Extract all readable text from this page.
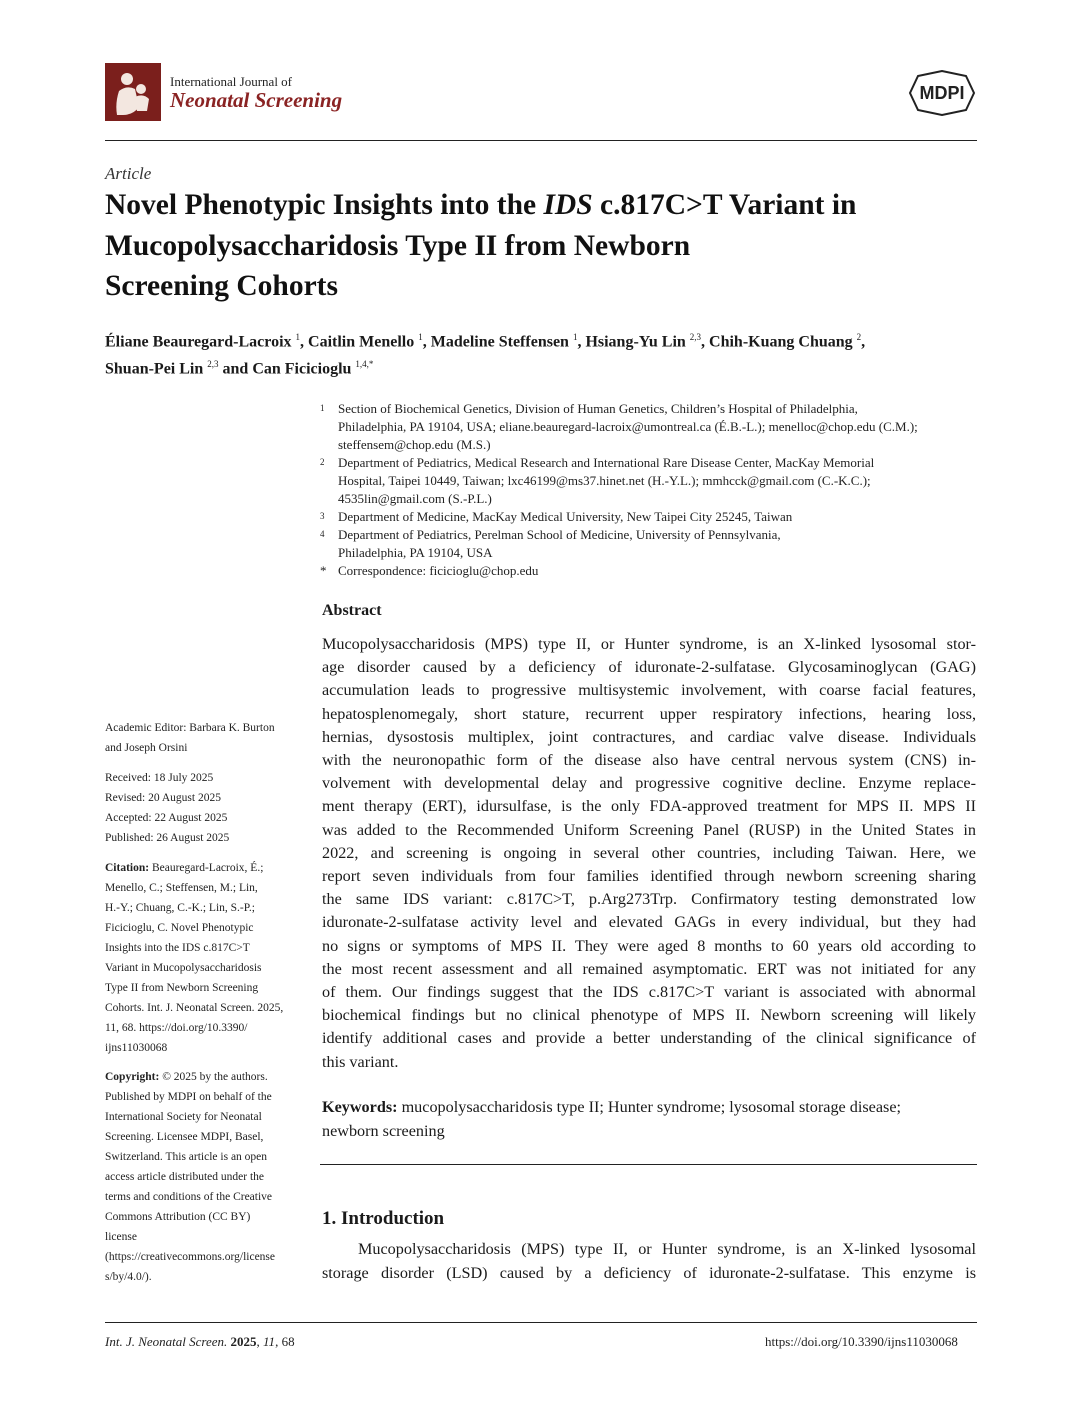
International Journal of
Neonatal Screening	MDPI
Article
Novel Phenotypic Insights into the IDS c.817C>T Variant in
Mucopolysaccharidosis Type II from Newborn
Screening Cohorts
Éliane Beauregard-Lacroix $^1$, Caitlin Menello $^1$, Madeline Steffensen $^1$, Hsiang-Yu Lin $^{2,3}$, Chih-Kuang Chuang $^2$,
Shuan-Pei Lin $^{2,3}$ and Can Ficicioglu $^{1,4,*}$
1	Section of Biochemical Genetics, Division of Human Genetics, Children’s Hospital of Philadelphia,
Philadelphia, PA 19104, USA; eliane.beauregard-lacroix@umontreal.ca (É.B.-L.); menelloc@chop.edu (C.M.);
steffensem@chop.edu (M.S.)
2	Department of Pediatrics, Medical Research and International Rare Disease Center, MacKay Memorial
Hospital, Taipei 10449, Taiwan; lxc46199@ms37.hinet.net (H.-Y.L.); mmhcck@gmail.com (C.-K.C.);
4535lin@gmail.com (S.-P.L.)
3	Department of Medicine, MacKay Medical University, New Taipei City 25245, Taiwan
4	Department of Pediatrics, Perelman School of Medicine, University of Pennsylvania,
Philadelphia, PA 19104, USA
* Correspondence: ficicioglu@chop.edu
Abstract
Mucopolysaccharidosis (MPS) type II, or Hunter syndrome, is an X-linked lysosomal stor-
age disorder caused by a deficiency of iduronate-2-sulfatase. Glycosaminoglycan (GAG)
accumulation leads to progressive multisystemic involvement, with coarse facial features,
hepatosplenomegaly, short stature, recurrent upper respiratory infections, hearing loss,
hernias, dysostosis multiplex, joint contractures, and cardiac valve disease. Individuals
with the neuronopathic form of the disease also have central nervous system (CNS) in-
volvement with developmental delay and progressive cognitive decline. Enzyme replace-
ment therapy (ERT), idursulfase, is the only FDA-approved treatment for MPS II. MPS II
was added to the Recommended Uniform Screening Panel (RUSP) in the United States in
2022, and screening is ongoing in several other countries, including Taiwan. Here, we
report seven individuals from four families identified through newborn screening sharing
the same IDS variant: c.817C>T, p.Arg273Trp. Confirmatory testing demonstrated low
iduronate-2-sulfatase activity level and elevated GAGs in every individual, but they had
no signs or symptoms of MPS II. They were aged 8 months to 60 years old according to
the most recent assessment and all remained asymptomatic. ERT was not initiated for any
of them. Our findings suggest that the IDS c.817C>T variant is associated with abnormal
biochemical findings but no clinical phenotype of MPS II. Newborn screening will likely
identify additional cases and provide a better understanding of the clinical significance of
this variant.
Keywords: mucopolysaccharidosis type II; Hunter syndrome; lysosomal storage disease;
newborn screening
1. Introduction
Mucopolysaccharidosis (MPS) type II, or Hunter syndrome, is an X-linked lysosomal
storage disorder (LSD) caused by a deficiency of iduronate-2-sulfatase. This enzyme is
Academic Editor: Barbara K. Burton
and Joseph Orsini
Received: 18 July 2025
Revised: 20 August 2025
Accepted: 22 August 2025
Published: 26 August 2025
Citation: Beauregard-Lacroix, É.;
Menello, C.; Steffensen, M.; Lin,
H.-Y.; Chuang, C.-K.; Lin, S.-P.;
Ficicioglu, C. Novel Phenotypic
Insights into the IDS c.817C>T
Variant in Mucopolysaccharidosis
Type II from Newborn Screening
Cohorts. Int. J. Neonatal Screen. 2025,
11, 68. https://doi.org/10.3390/
ijns11030068
Copyright: © 2025 by the authors.
Published by MDPI on behalf of the
International Society for Neonatal
Screening. Licensee MDPI, Basel,
Switzerland. This article is an open
access article distributed under the
terms and conditions of the Creative
Commons Attribution (CC BY)
license
(https://creativecommons.org/license
s/by/4.0/).
Int. J. Neonatal Screen. 2025, 11, 68	https://doi.org/10.3390/ijns11030068
